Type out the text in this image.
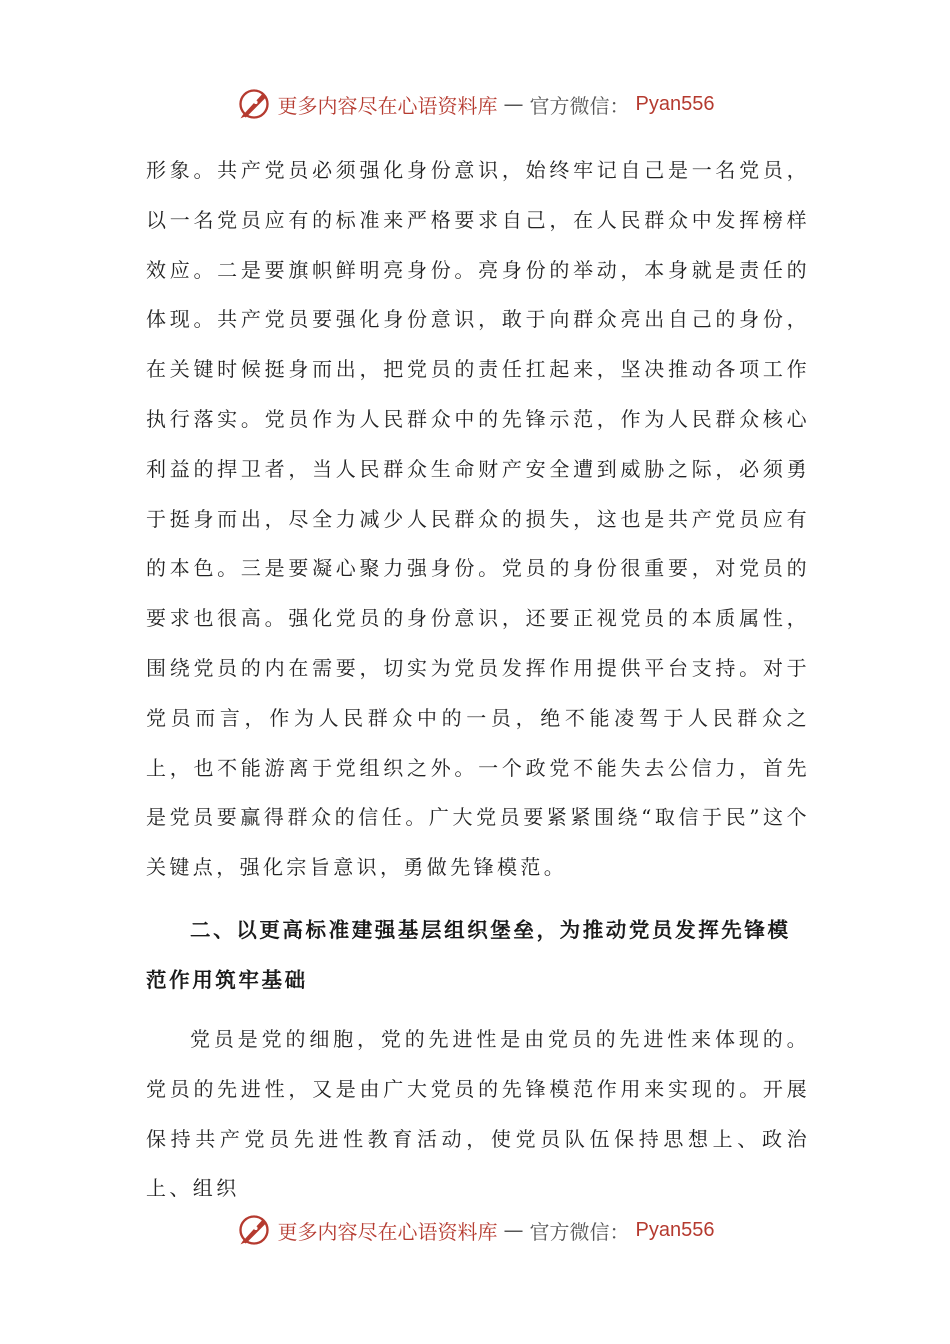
更多内容尽在心语资料库 — 官方微信： Pyan556

形象。共产党员必须强化身份意识，始终牢记自己是一名党员，以一名党员应有的标准来严格要求自己，在人民群众中发挥榜样效应。二是要旗帜鲜明亮身份。亮身份的举动，本身就是责任的体现。共产党员要强化身份意识，敢于向群众亮出自己的身份，在关键时候挺身而出，把党员的责任扛起来，坚决推动各项工作执行落实。党员作为人民群众中的先锋示范，作为人民群众核心利益的捍卫者，当人民群众生命财产安全遭到威胁之际，必须勇于挺身而出，尽全力减少人民群众的损失，这也是共产党员应有的本色。三是要凝心聚力强身份。党员的身份很重要，对党员的要求也很高。强化党员的身份意识，还要正视党员的本质属性，围绕党员的内在需要，切实为党员发挥作用提供平台支持。对于党员而言，作为人民群众中的一员，绝不能凌驾于人民群众之上，也不能游离于党组织之外。一个政党不能失去公信力，首先是党员要赢得群众的信任。广大党员要紧紧围绕“取信于民”这个关键点，强化宗旨意识，勇做先锋模范。

二、以更高标准建强基层组织堡垒，为推动党员发挥先锋模范作用筑牢基础

党员是党的细胞，党的先进性是由党员的先进性来体现的。党员的先进性，又是由广大党员的先锋模范作用来实现的。开展保持共产党员先进性教育活动，使党员队伍保持思想上、政治上、组织

更多内容尽在心语资料库 — 官方微信： Pyan556
